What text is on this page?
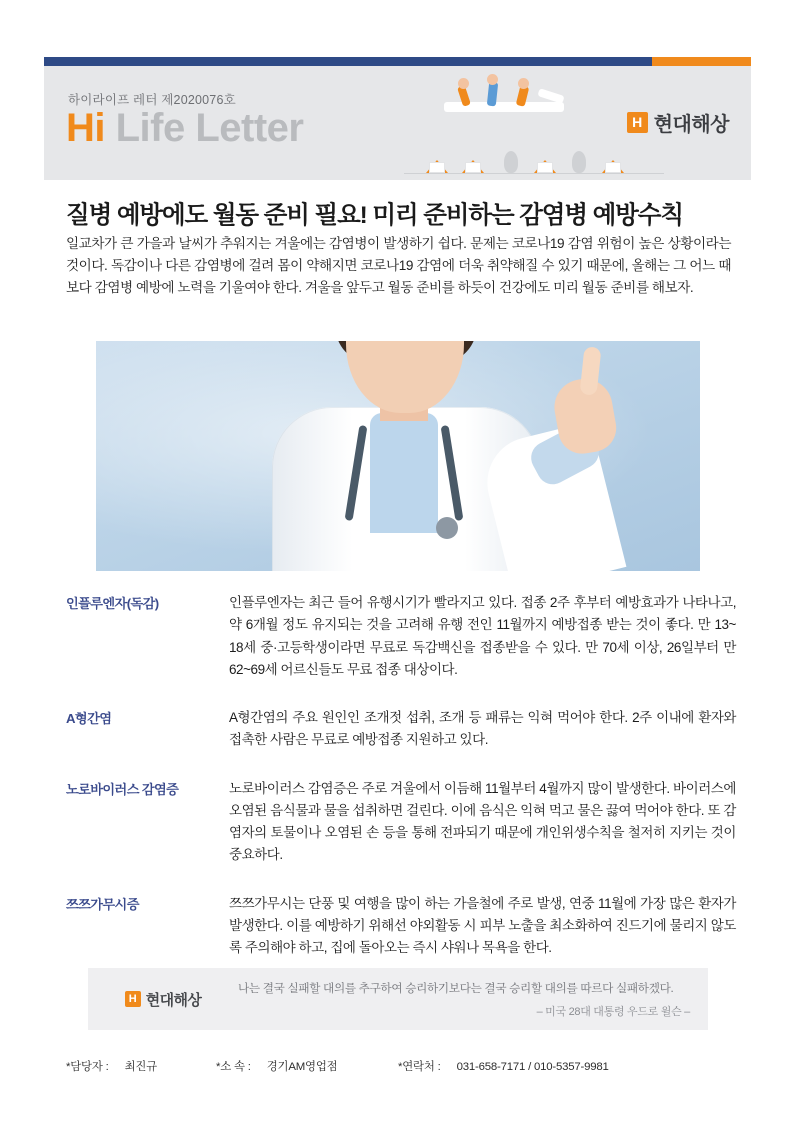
하이라이프 레터 제2020076호
Hi Life Letter	H 현대해상
질병 예방에도 월동 준비 필요! 미리 준비하는 감염병 예방수칙
일교차가 큰 가을과 날씨가 추워지는 겨울에는 감염병이 발생하기 쉽다. 문제는 코로나19 감염 위험이 높은 상황이라는 것이다. 독감이나 다른 감염병에 걸려 몸이 약해지면 코로나19 감염에 더욱 취약해질 수 있기 때문에, 올해는 그 어느 때보다 감염병 예방에 노력을 기울여야 한다. 겨울을 앞두고 월동 준비를 하듯이 건강에도 미리 월동 준비를 해보자.
인플루엔자(독감)	인플루엔자는 최근 들어 유행시기가 빨라지고 있다. 접종 2주 후부터 예방효과가 나타나고, 약 6개월 정도 유지되는 것을 고려해 유행 전인 11월까지 예방접종 받는 것이 좋다. 만 13~ 18세 중·고등학생이라면 무료로 독감백신을 접종받을 수 있다. 만 70세 이상, 26일부터 만 62~69세 어르신들도 무료 접종 대상이다.
A형간염	A형간염의 주요 원인인 조개젓 섭취, 조개 등 패류는 익혀 먹어야 한다. 2주 이내에 환자와 접촉한 사람은 무료로 예방접종 지원하고 있다.
노로바이러스 감염증	노로바이러스 감염증은 주로 겨울에서 이듬해 11월부터 4월까지 많이 발생한다. 바이러스에 오염된 음식물과 물을 섭취하면 걸린다. 이에 음식은 익혀 먹고 물은 끓여 먹어야 한다. 또 감염자의 토물이나 오염된 손 등을 통해 전파되기 때문에 개인위생수칙을 철저히 지키는 것이 중요하다.
쯔쯔가무시증	쯔쯔가무시는 단풍 및 여행을 많이 하는 가을철에 주로 발생, 연중 11월에 가장 많은 환자가 발생한다. 이를 예방하기 위해선 야외활동 시 피부 노출을 최소화하여 진드기에 물리지 않도록 주의해야 하고, 집에 돌아오는 즉시 샤워나 목욕을 한다.
H 현대해상
나는 결국 실패할 대의를 추구하여 승리하기보다는 결국 승리할 대의를 따르다 실패하겠다.
– 미국 28대 대통령 우드로 윌슨 –
*담당자 : 최진규	*소 속 : 경기AM영업점	*연락처 : 031-658-7171 / 010-5357-9981
